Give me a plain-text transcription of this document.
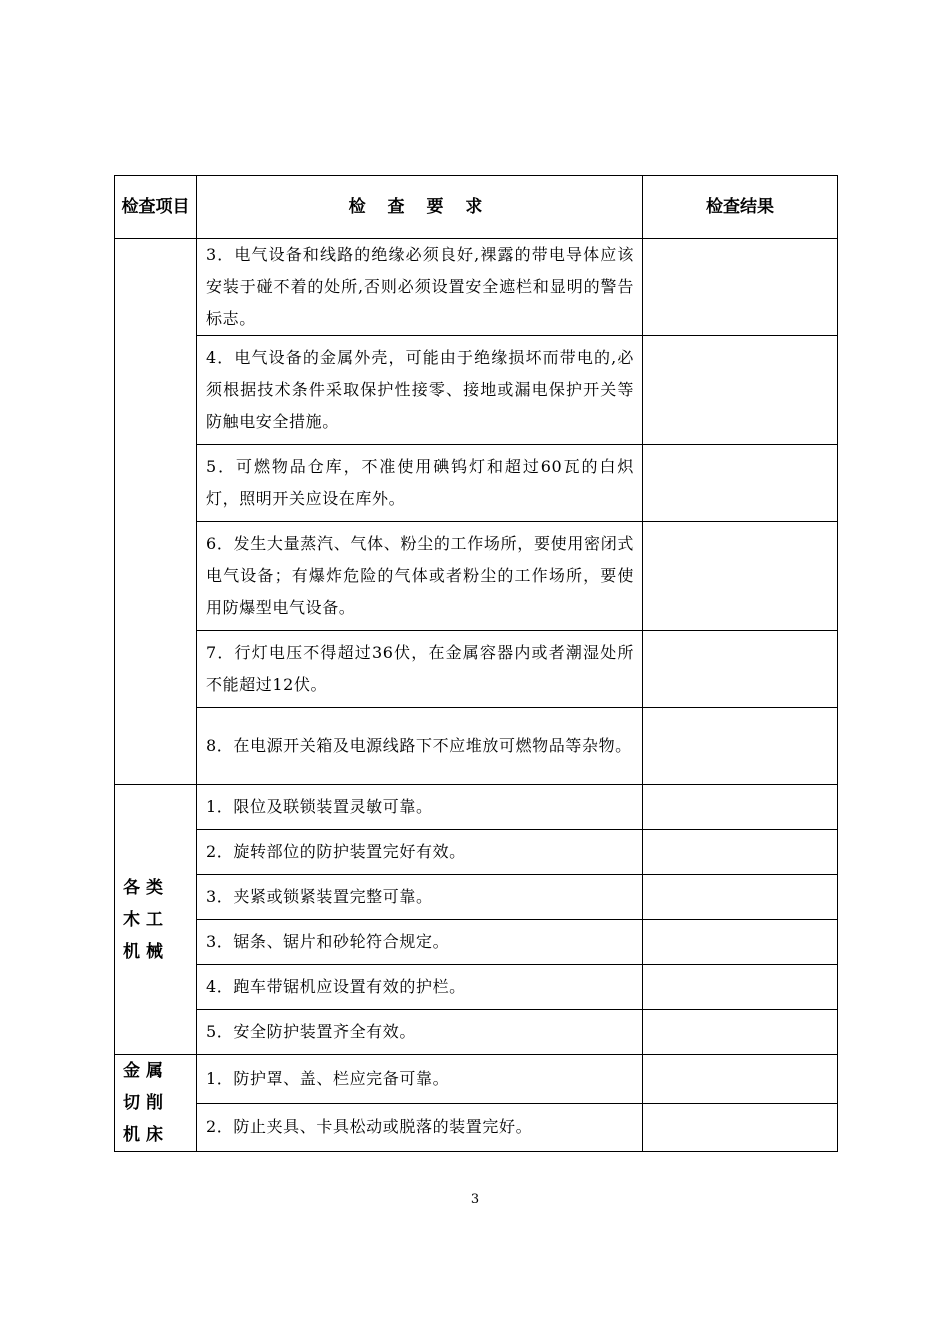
检查项目	检 查 要 求	检查结果
	3．电气设备和线路的绝缘必须良好,裸露的带电导体应该安装于碰不着的处所,否则必须设置安全遮栏和显明的警告标志。	
	4．电气设备的金属外壳，可能由于绝缘损坏而带电的,必须根据技术条件采取保护性接零、接地或漏电保护开关等防触电安全措施。	
	5．可燃物品仓库，不准使用碘钨灯和超过60瓦的白炽灯，照明开关应设在库外。	
	6．发生大量蒸汽、气体、粉尘的工作场所，要使用密闭式电气设备；有爆炸危险的气体或者粉尘的工作场所，要使用防爆型电气设备。	
	7．行灯电压不得超过36伏，在金属容器内或者潮湿处所不能超过12伏。	
	8．在电源开关箱及电源线路下不应堆放可燃物品等杂物。	
各类木工机械	1．限位及联锁装置灵敏可靠。	
	2．旋转部位的防护装置完好有效。	
	3．夹紧或锁紧装置完整可靠。	
	3．锯条、锯片和砂轮符合规定。	
	4．跑车带锯机应设置有效的护栏。	
	5．安全防护装置齐全有效。	
金属切削机床	1．防护罩、盖、栏应完备可靠。	
	2．防止夹具、卡具松动或脱落的装置完好。	
3
